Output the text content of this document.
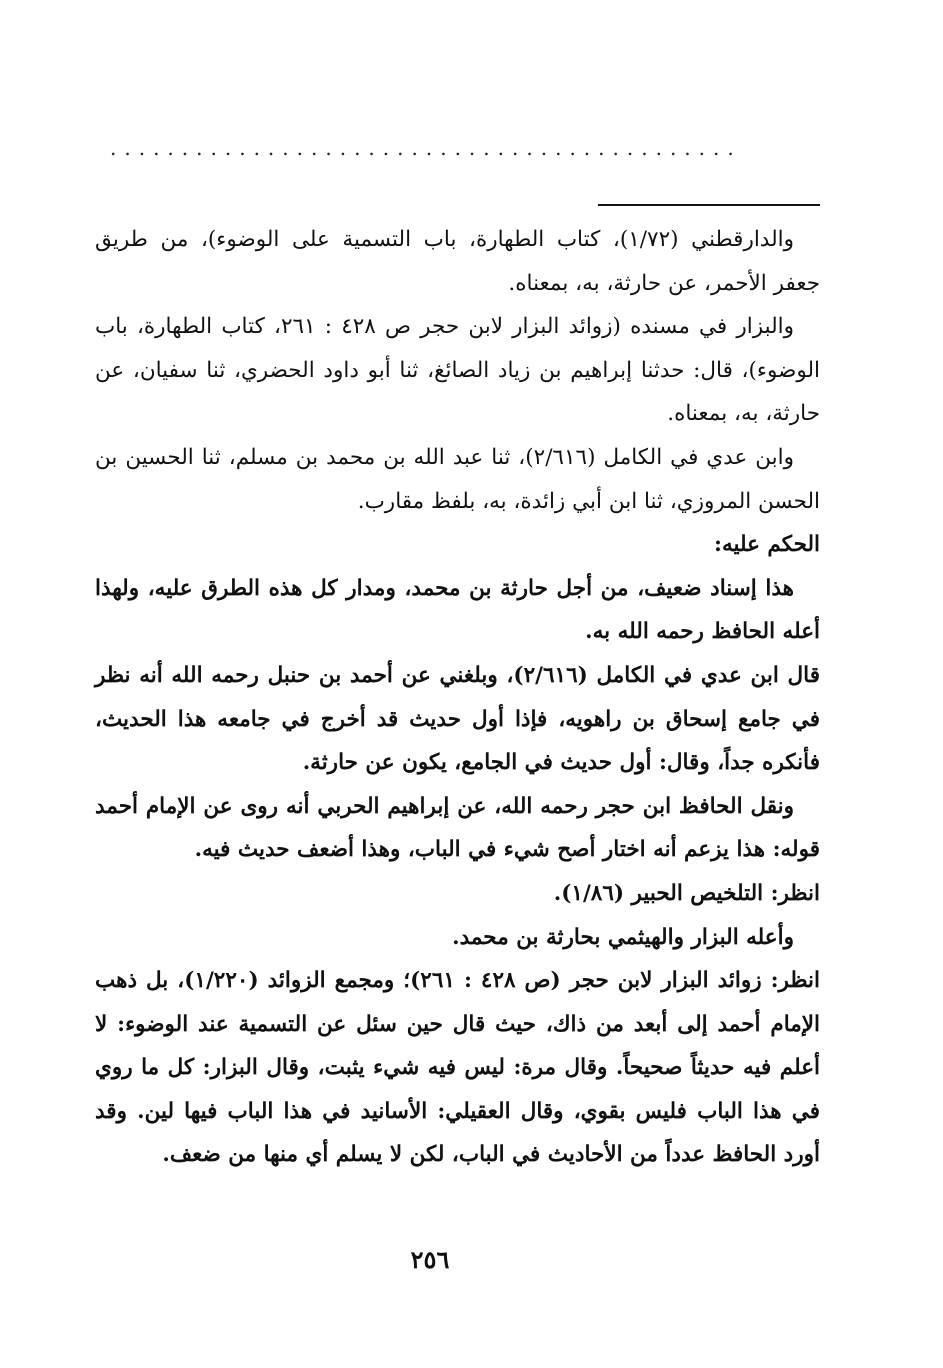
............................................

والدارقطني (١/٧٢)، كتاب الطهارة، باب التسمية على الوضوء)، من طريق جعفر الأحمر، عن حارثة، به، بمعناه.

والبزار في مسنده (زوائد البزار لابن حجر ص ٤٢٨ : ٢٦١، كتاب الطهارة، باب الوضوء)، قال: حدثنا إبراهيم بن زياد الصائغ، ثنا أبو داود الحضري، ثنا سفيان، عن حارثة، به، بمعناه.

وابن عدي في الكامل (٢/٦١٦)، ثنا عبد الله بن محمد بن مسلم، ثنا الحسين بن الحسن المروزي، ثنا ابن أبي زائدة، به، بلفظ مقارب.

الحكم عليه:

هذا إسناد ضعيف، من أجل حارثة بن محمد، ومدار كل هذه الطرق عليه، ولهذا أعله الحافظ رحمه الله به.

قال ابن عدي في الكامل (٢/٦١٦)، وبلغني عن أحمد بن حنبل رحمه الله أنه نظر في جامع إسحاق بن راهويه، فإذا أول حديث قد أخرج في جامعه هذا الحديث، فأنكره جداً، وقال: أول حديث في الجامع، يكون عن حارثة.

ونقل الحافظ ابن حجر رحمه الله، عن إبراهيم الحربي أنه روى عن الإمام أحمد قوله: هذا يزعم أنه اختار أصح شيء في الباب، وهذا أضعف حديث فيه.

انظر: التلخيص الحبير (١/٨٦).

وأعله البزار والهيثمي بحارثة بن محمد.

انظر: زوائد البزار لابن حجر (ص ٤٢٨ : ٢٦١)؛ ومجمع الزوائد (١/٢٢٠)، بل ذهب الإمام أحمد إلى أبعد من ذاك، حيث قال حين سئل عن التسمية عند الوضوء: لا أعلم فيه حديثاً صحيحاً. وقال مرة: ليس فيه شيء يثبت، وقال البزار: كل ما روي في هذا الباب فليس بقوي، وقال العقيلي: الأسانيد في هذا الباب فيها لين. وقد أورد الحافظ عدداً من الأحاديث في الباب، لكن لا يسلم أي منها من ضعف.

٢٥٦
